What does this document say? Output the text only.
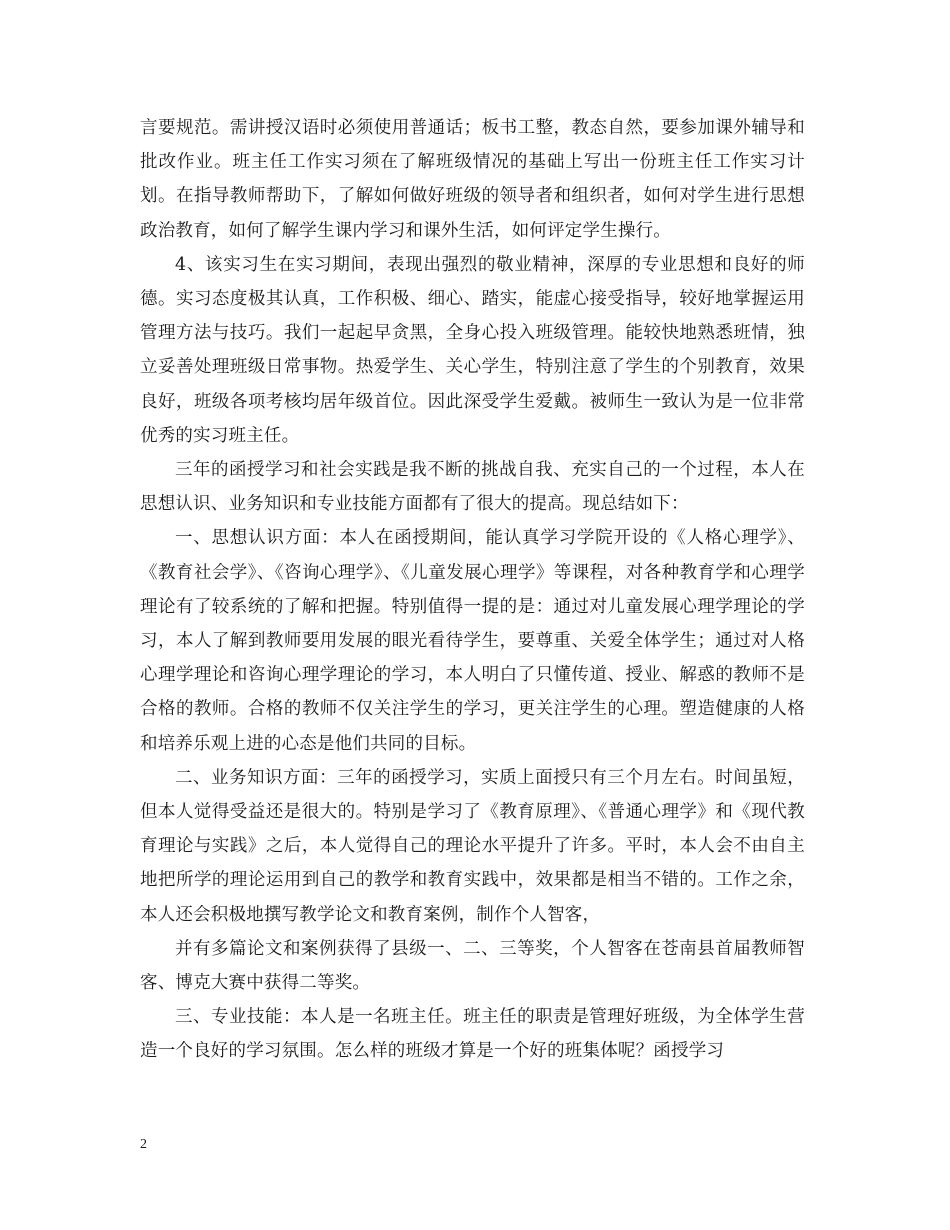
言要规范。需讲授汉语时必须使用普通话；板书工整，教态自然，要参加课外辅导和批改作业。班主任工作实习须在了解班级情况的基础上写出一份班主任工作实习计划。在指导教师帮助下，了解如何做好班级的领导者和组织者，如何对学生进行思想政治教育，如何了解学生课内学习和课外生活，如何评定学生操行。

4、该实习生在实习期间，表现出强烈的敬业精神，深厚的专业思想和良好的师德。实习态度极其认真，工作积极、细心、踏实，能虚心接受指导，较好地掌握运用管理方法与技巧。我们一起起早贪黑，全身心投入班级管理。能较快地熟悉班情，独立妥善处理班级日常事物。热爱学生、关心学生，特别注意了学生的个别教育，效果良好，班级各项考核均居年级首位。因此深受学生爱戴。被师生一致认为是一位非常优秀的实习班主任。

三年的函授学习和社会实践是我不断的挑战自我、充实自己的一个过程，本人在思想认识、业务知识和专业技能方面都有了很大的提高。现总结如下：

一、思想认识方面：本人在函授期间，能认真学习学院开设的《人格心理学》、《教育社会学》、《咨询心理学》、《儿童发展心理学》等课程，对各种教育学和心理学理论有了较系统的了解和把握。特别值得一提的是：通过对儿童发展心理学理论的学习，本人了解到教师要用发展的眼光看待学生，要尊重、关爱全体学生；通过对人格心理学理论和咨询心理学理论的学习，本人明白了只懂传道、授业、解惑的教师不是合格的教师。合格的教师不仅关注学生的学习，更关注学生的心理。塑造健康的人格和培养乐观上进的心态是他们共同的目标。

二、业务知识方面：三年的函授学习，实质上面授只有三个月左右。时间虽短，但本人觉得受益还是很大的。特别是学习了《教育原理》、《普通心理学》和《现代教育理论与实践》之后，本人觉得自己的理论水平提升了许多。平时，本人会不由自主地把所学的理论运用到自己的教学和教育实践中，效果都是相当不错的。工作之余，本人还会积极地撰写教学论文和教育案例，制作个人智客，

并有多篇论文和案例获得了县级一、二、三等奖，个人智客在苍南县首届教师智客、博克大赛中获得二等奖。

三、专业技能：本人是一名班主任。班主任的职责是管理好班级，为全体学生营造一个良好的学习氛围。怎么样的班级才算是一个好的班集体呢？函授学习

2
